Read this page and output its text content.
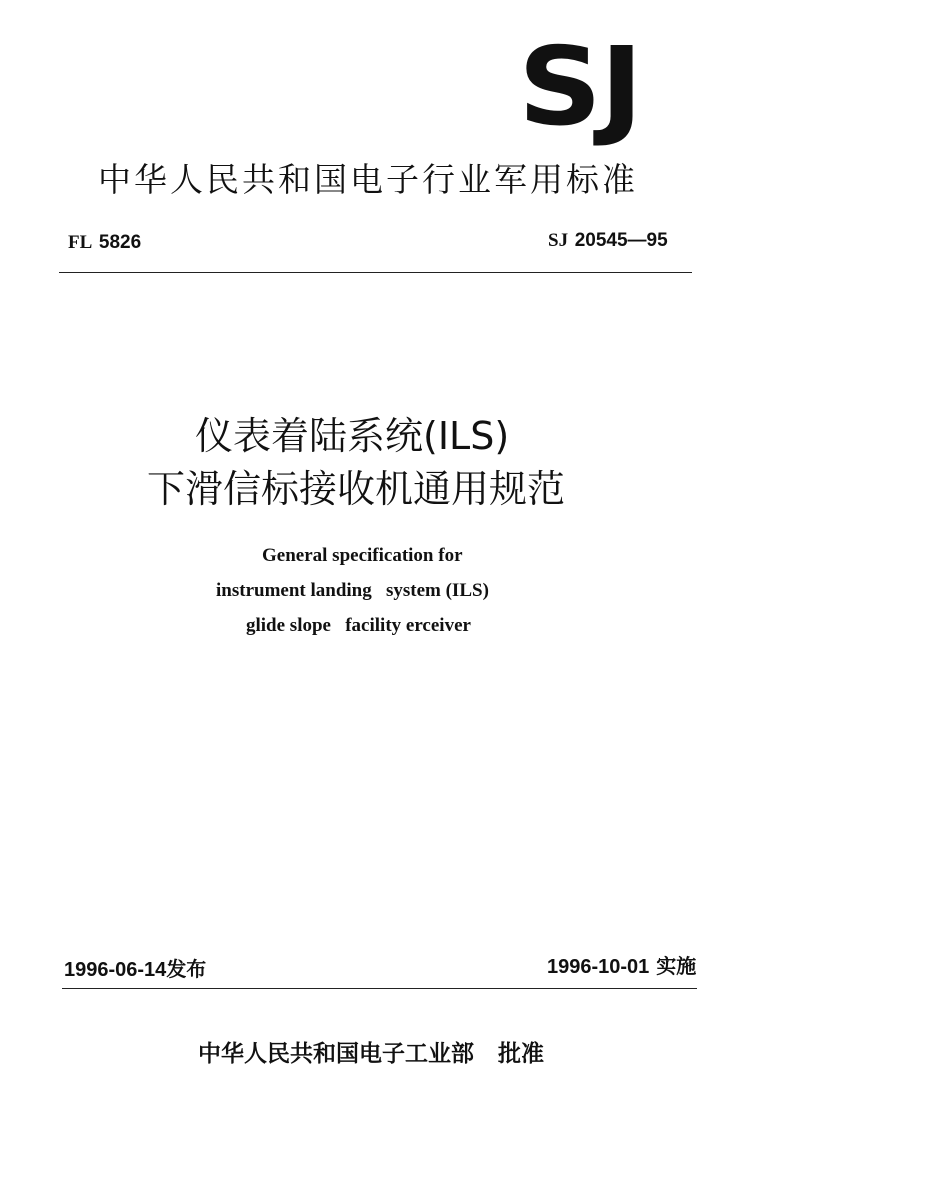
SJ
中华人民共和国电子行业军用标准
FL 5826	SJ 20545—95
仪表着陆系统(ILS)
下滑信标接收机通用规范
General specification for
instrument landing   system (ILS)
glide slope   facility erceiver
1996-06-14发布	1996-10-01 实施
中华人民共和国电子工业部 批准
